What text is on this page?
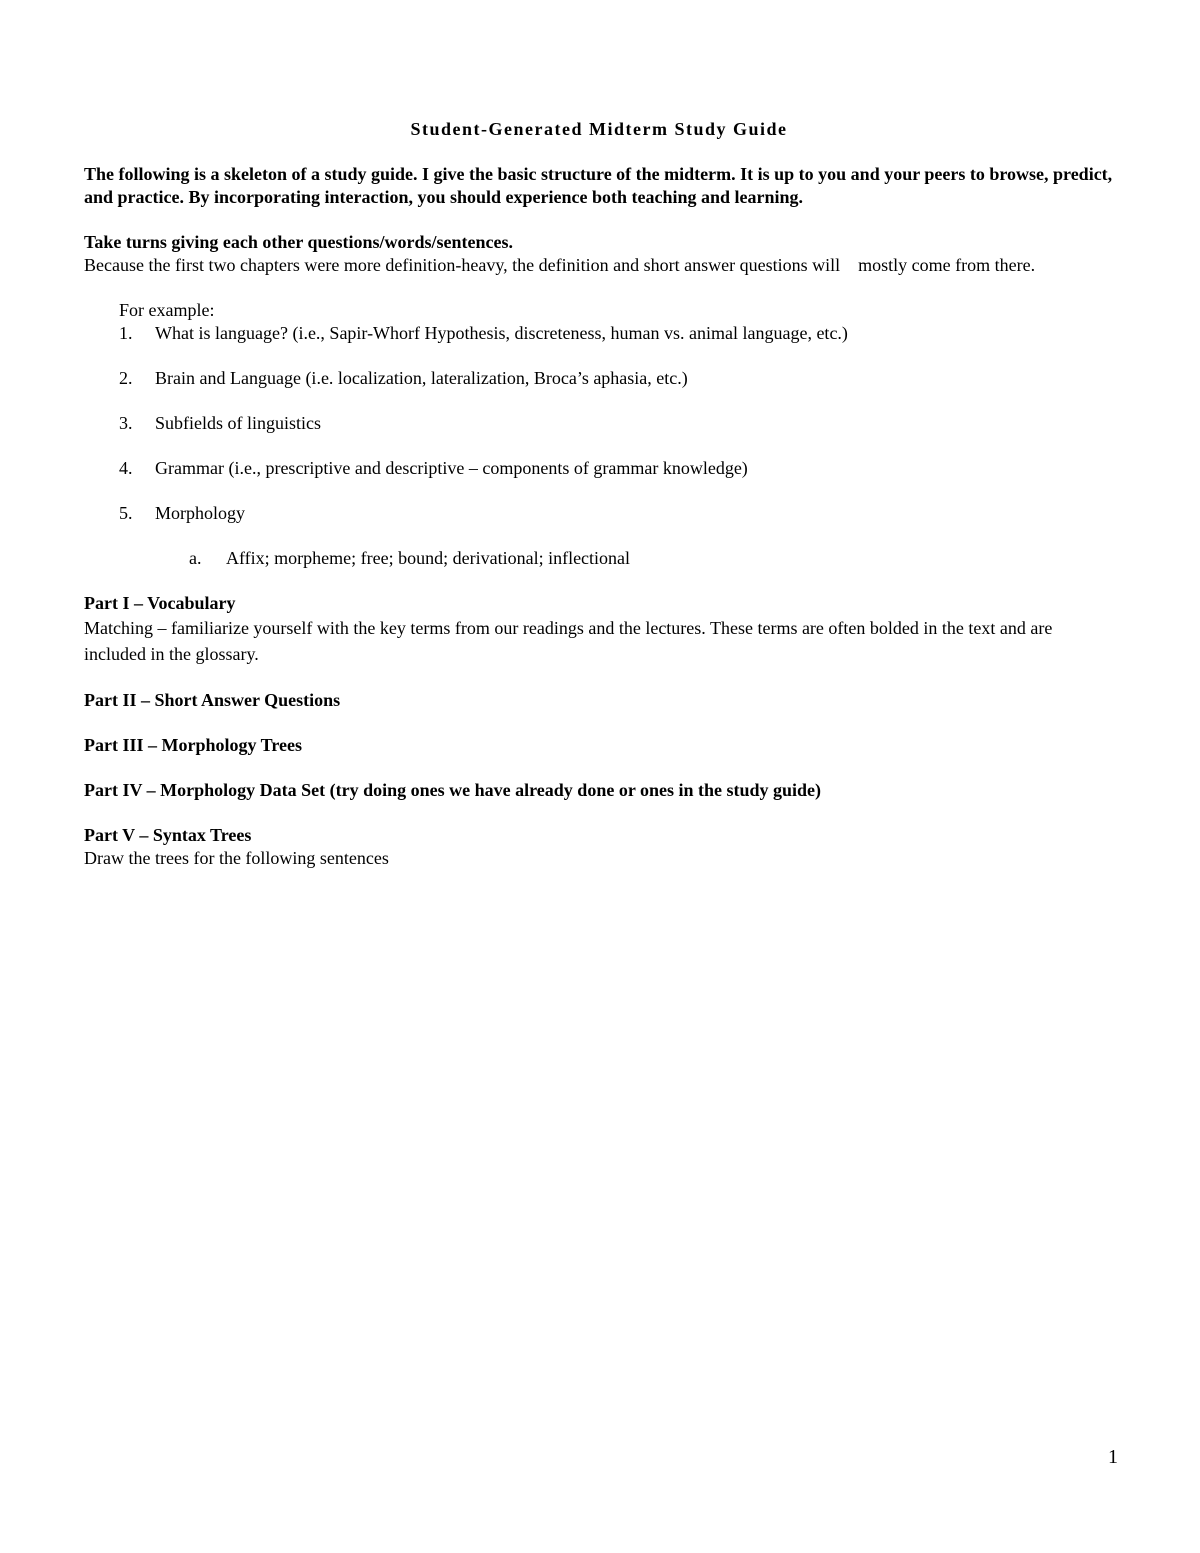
Student-Generated Midterm Study Guide

The following is a skeleton of a study guide. I give the basic structure of the midterm. It is up to you and your peers to browse, predict, and practice. By incorporating interaction, you should experience both teaching and learning.

Take turns giving each other questions/words/sentences.

Because the first two chapters were more definition-heavy, the definition and short answer questions will    mostly come from there.

For example:
1. What is language? (i.e., Sapir-Whorf Hypothesis, discreteness, human vs. animal language, etc.)
2. Brain and Language (i.e. localization, lateralization, Broca’s aphasia, etc.)
3. Subfields of linguistics
4. Grammar (i.e., prescriptive and descriptive – components of grammar knowledge)
5. Morphology
a. Affix; morpheme; free; bound; derivational; inflectional

Part I – Vocabulary

Matching – familiarize yourself with the key terms from our readings and the lectures. These terms are often bolded in the text and are included in the glossary.

Part II – Short Answer Questions

Part III – Morphology Trees

Part IV – Morphology Data Set (try doing ones we have already done or ones in the study guide)

Part V – Syntax Trees

Draw the trees for the following sentences

1
